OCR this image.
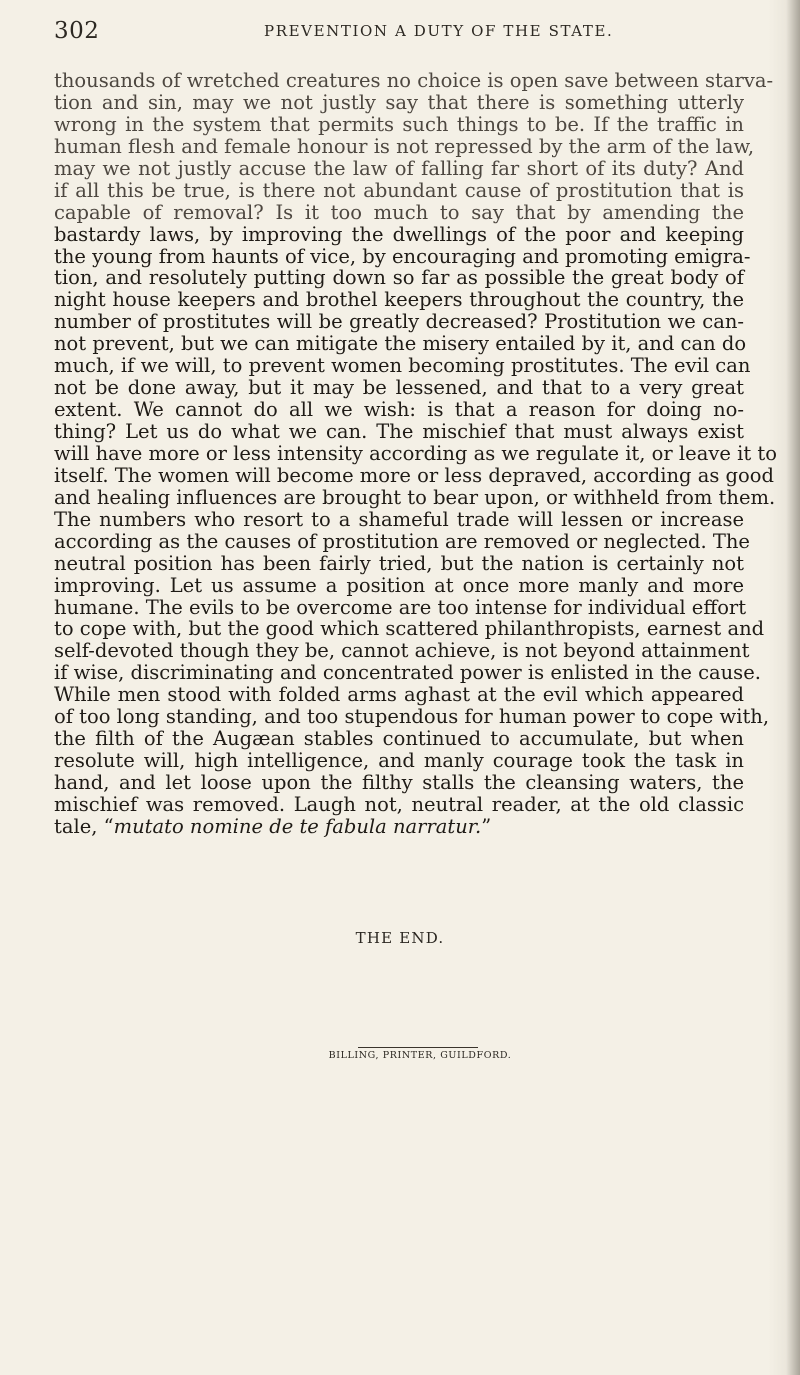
302	PREVENTION A DUTY OF THE STATE.
thousands of wretched creatures no choice is open save between starva-
tion and sin, may we not justly say that there is something utterly
wrong in the system that permits such things to be. If the traffic in
human flesh and female honour is not repressed by the arm of the law,
may we not justly accuse the law of falling far short of its duty? And
if all this be true, is there not abundant cause of prostitution that is
capable of removal? Is it too much to say that by amending the
bastardy laws, by improving the dwellings of the poor and keeping
the young from haunts of vice, by encouraging and promoting emigra-
tion, and resolutely putting down so far as possible the great body of
night house keepers and brothel keepers throughout the country, the
number of prostitutes will be greatly decreased? Prostitution we can-
not prevent, but we can mitigate the misery entailed by it, and can do
much, if we will, to prevent women becoming prostitutes. The evil can
not be done away, but it may be lessened, and that to a very great
extent. We cannot do all we wish: is that a reason for doing no-
thing? Let us do what we can. The mischief that must always exist
will have more or less intensity according as we regulate it, or leave it to
itself. The women will become more or less depraved, according as good
and healing influences are brought to bear upon, or withheld from them.
The numbers who resort to a shameful trade will lessen or increase
according as the causes of prostitution are removed or neglected. The
neutral position has been fairly tried, but the nation is certainly not
improving. Let us assume a position at once more manly and more
humane. The evils to be overcome are too intense for individual effort
to cope with, but the good which scattered philanthropists, earnest and
self-devoted though they be, cannot achieve, is not beyond attainment
if wise, discriminating and concentrated power is enlisted in the cause.
While men stood with folded arms aghast at the evil which appeared
of too long standing, and too stupendous for human power to cope with,
the filth of the Augæan stables continued to accumulate, but when
resolute will, high intelligence, and manly courage took the task in
hand, and let loose upon the filthy stalls the cleansing waters, the
mischief was removed. Laugh not, neutral reader, at the old classic
tale, “mutato nomine de te fabula narratur.”
THE END.
BILLING, PRINTER, GUILDFORD.
